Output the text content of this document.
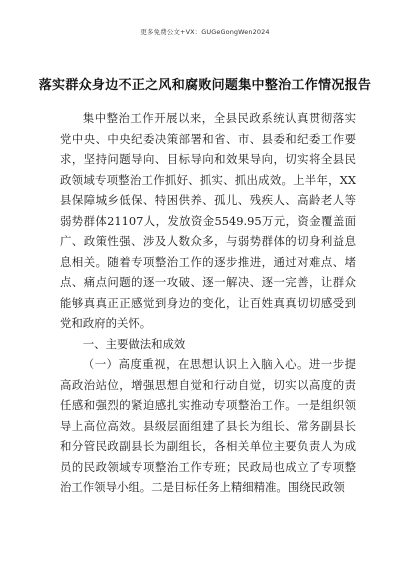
更多免费公文+VX：GUGeGongWen2024
落实群众身边不正之风和腐败问题集中整治工作情况报告

集中整治工作开展以来，全县民政系统认真贯彻落实党中央、中央纪委决策部署和省、市、县委和纪委工作要求，坚持问题导向、目标导向和效果导向，切实将全县民政领域专项整治工作抓好、抓实、抓出成效。上半年，XX县保障城乡低保、特困供养、孤儿、残疾人、高龄老人等弱势群体21107人，发放资金5549.95万元，资金覆盖面广、政策性强、涉及人数众多，与弱势群体的切身利益息息相关。随着专项整治工作的逐步推进，通过对难点、堵点、痛点问题的逐一攻破、逐一解决、逐一完善，让群众能够真真正正感觉到身边的变化，让百姓真真切切感受到党和政府的关怀。

一、主要做法和成效

（一）高度重视，在思想认识上入脑入心。进一步提高政治站位，增强思想自觉和行动自觉，切实以高度的责任感和强烈的紧迫感扎实推动专项整治工作。一是组织领导上高位高效。县级层面组建了县长为组长、常务副县长和分管民政副县长为副组长，各相关单位主要负责人为成员的民政领域专项整治工作专班；民政局也成立了专项整治工作领导小组。二是目标任务上精细精准。围绕民政领
